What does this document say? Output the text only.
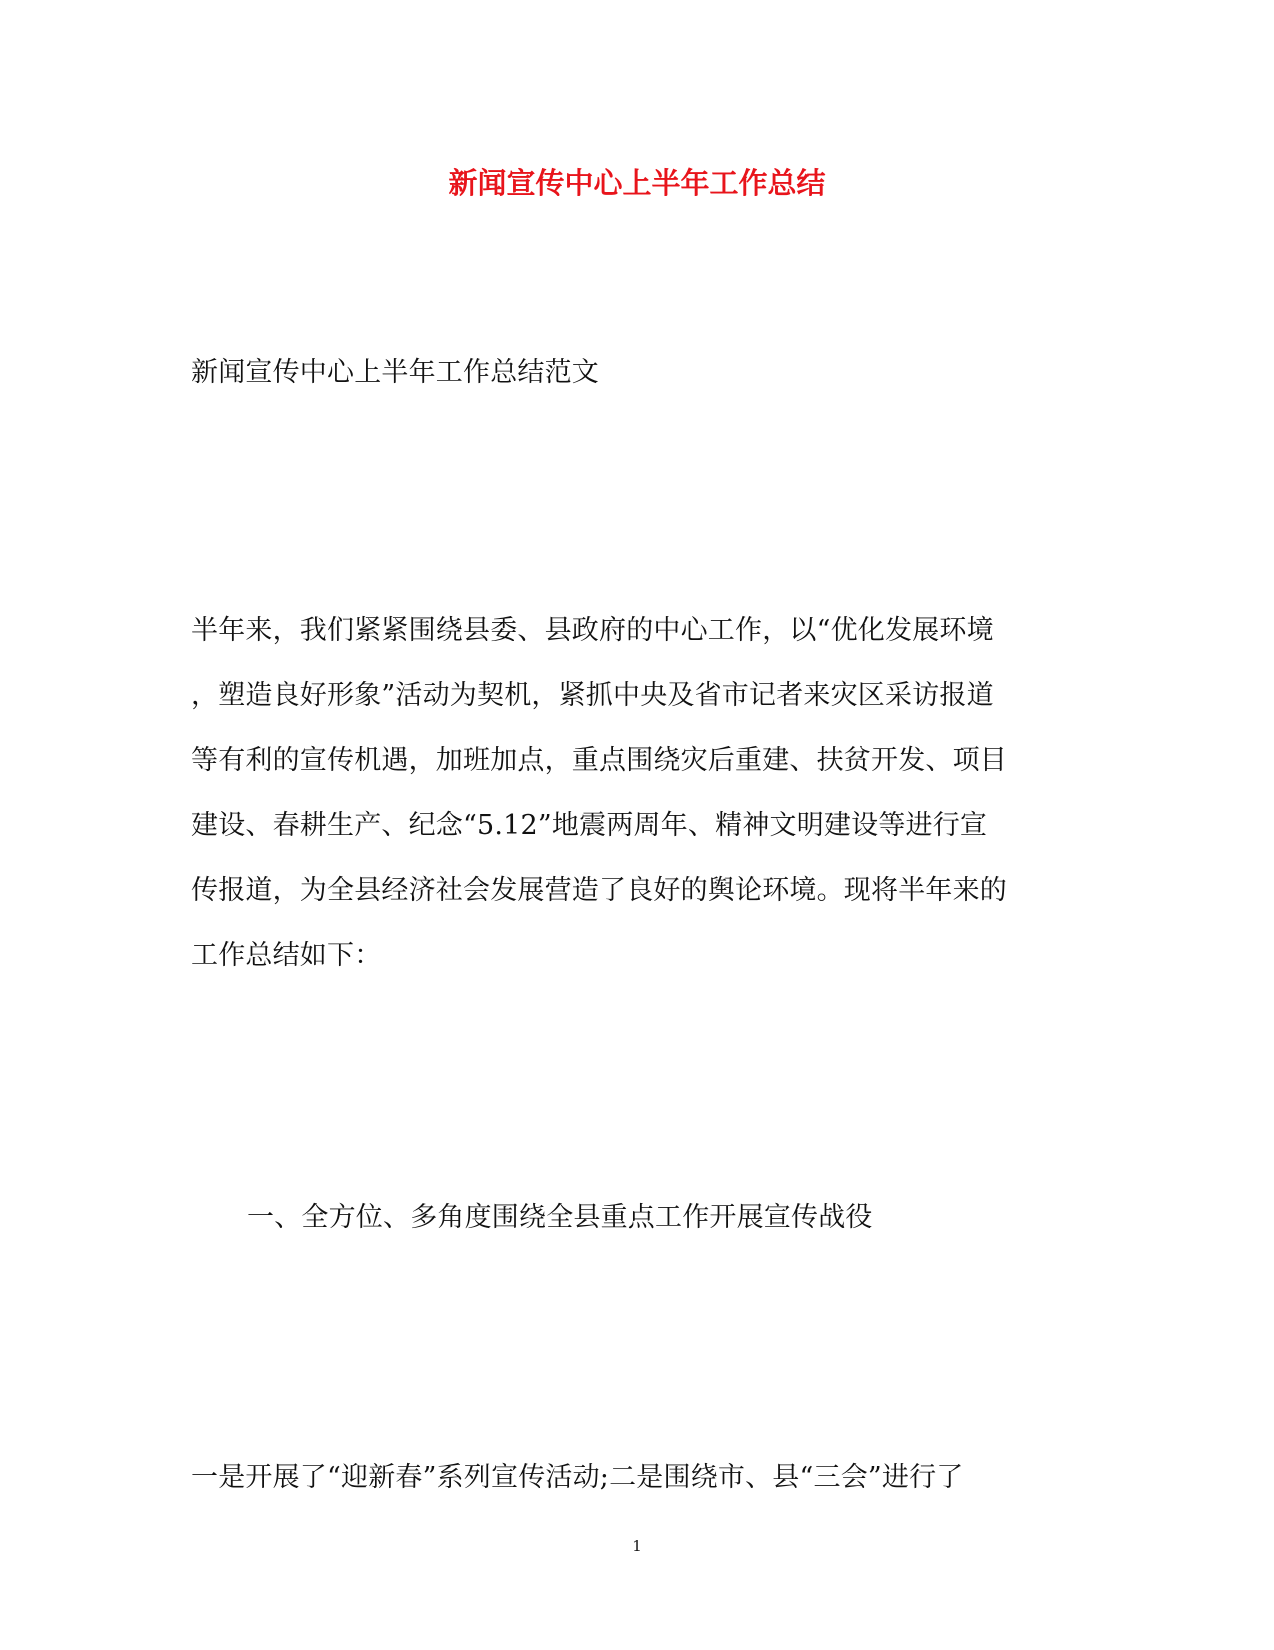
新闻宣传中心上半年工作总结
新闻宣传中心上半年工作总结范文
半年来，我们紧紧围绕县委、县政府的中心工作，以“优化发展环境
，塑造良好形象”活动为契机，紧抓中央及省市记者来灾区采访报道
等有利的宣传机遇，加班加点，重点围绕灾后重建、扶贫开发、项目
建设、春耕生产、纪念“5.12”地震两周年、精神文明建设等进行宣
传报道，为全县经济社会发展营造了良好的舆论环境。现将半年来的
工作总结如下：
一、全方位、多角度围绕全县重点工作开展宣传战役
一是开展了“迎新春”系列宣传活动;二是围绕市、县“三会”进行了
1
